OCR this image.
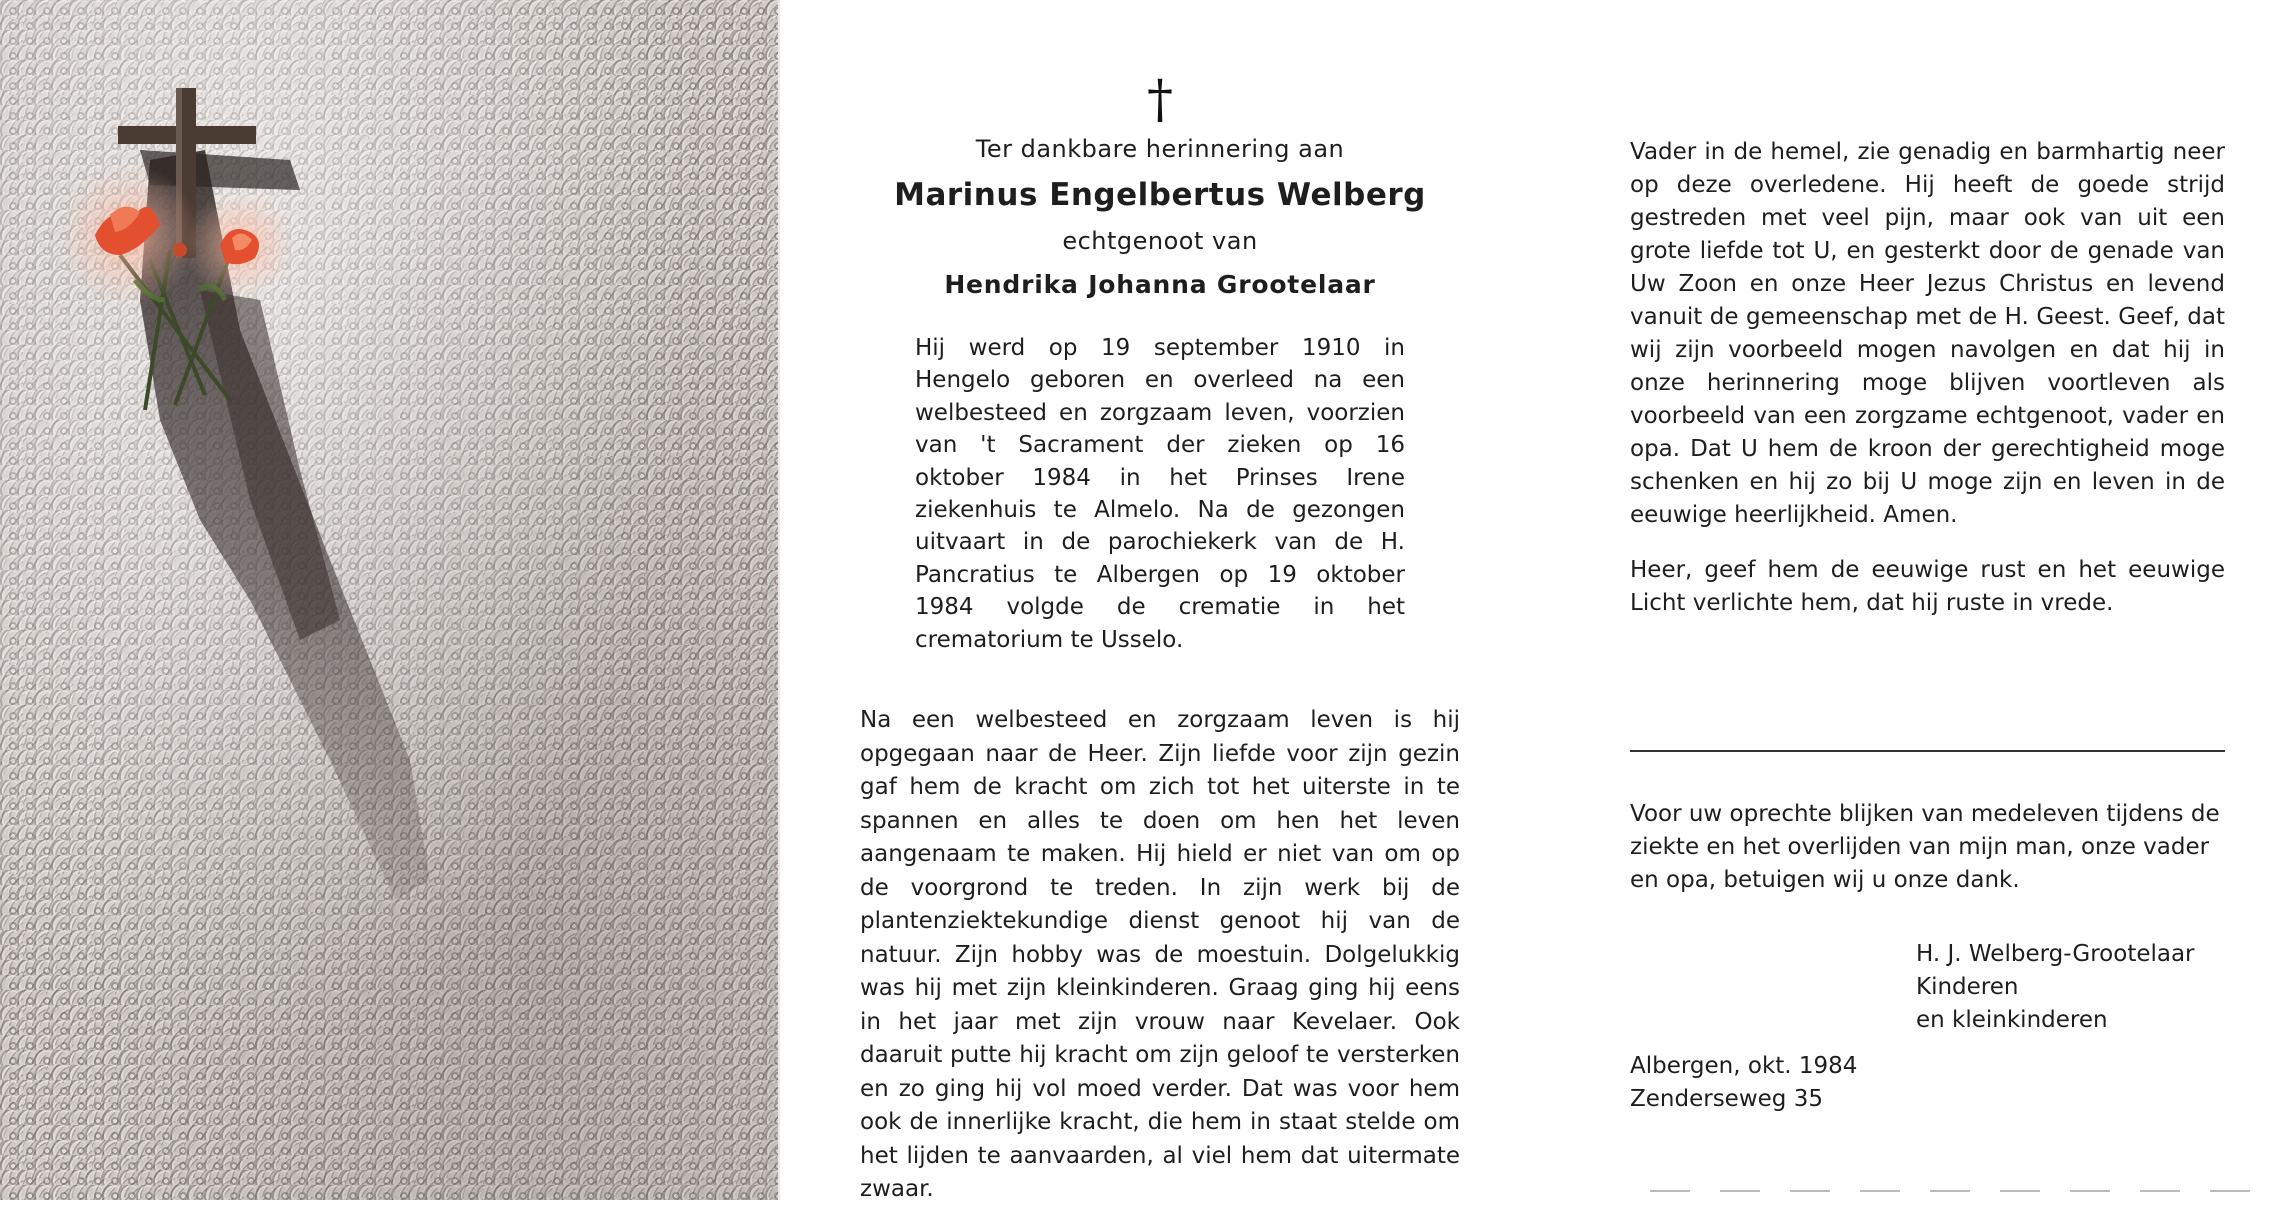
†
Ter dankbare herinnering aan
Marinus Engelbertus Welberg
echtgenoot van
Hendrika Johanna Grootelaar

Hij werd op 19 september 1910 in Hengelo geboren en overleed na een welbesteed en zorgzaam leven, voorzien van 't Sacrament der zieken op 16 oktober 1984 in het Prinses Irene ziekenhuis te Almelo. Na de gezongen uitvaart in de parochiekerk van de H. Pancratius te Albergen op 19 oktober 1984 volgde de crematie in het crematorium te Usselo.

Na een welbesteed en zorgzaam leven is hij opgegaan naar de Heer. Zijn liefde voor zijn gezin gaf hem de kracht om zich tot het uiterste in te spannen en alles te doen om hen het leven aangenaam te maken. Hij hield er niet van om op de voorgrond te treden. In zijn werk bij de plantenziektekundige dienst genoot hij van de natuur. Zijn hobby was de moestuin. Dolgelukkig was hij met zijn kleinkinderen. Graag ging hij eens in het jaar met zijn vrouw naar Kevelaer. Ook daaruit putte hij kracht om zijn geloof te versterken en zo ging hij vol moed verder. Dat was voor hem ook de innerlijke kracht, die hem in staat stelde om het lijden te aanvaarden, al viel hem dat uitermate zwaar.

Vader in de hemel, zie genadig en barmhartig neer op deze overledene. Hij heeft de goede strijd gestreden met veel pijn, maar ook van uit een grote liefde tot U, en gesterkt door de genade van Uw Zoon en onze Heer Jezus Christus en levend vanuit de gemeenschap met de H. Geest. Geef, dat wij zijn voorbeeld mogen navolgen en dat hij in onze herinnering moge blijven voortleven als voorbeeld van een zorgzame echtgenoot, vader en opa. Dat U hem de kroon der gerechtigheid moge schenken en hij zo bij U moge zijn en leven in de eeuwige heerlijkheid. Amen.

Heer, geef hem de eeuwige rust en het eeuwige Licht verlichte hem, dat hij ruste in vrede.

Voor uw oprechte blijken van medeleven tijdens de ziekte en het overlijden van mijn man, onze vader en opa, betuigen wij u onze dank.

H. J. Welberg-Grootelaar
Kinderen
en kleinkinderen
Albergen, okt. 1984
Zenderseweg 35
